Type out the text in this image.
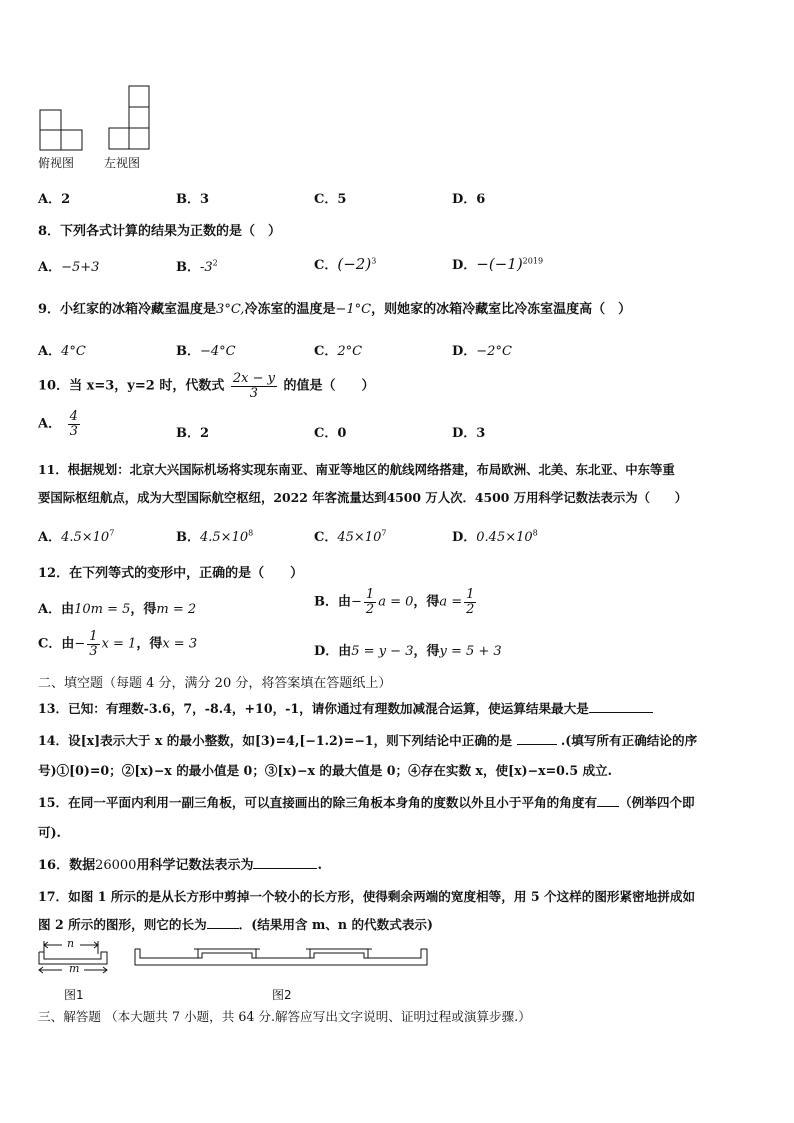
俯视图 左视图
A．2	B．3	C．5	D．6
8．下列各式计算的结果为正数的是（　）
A．−5+3	B．$-3^2$	C．$(-2)^3$	D．$-(-1)^{2019}$
9．小红家的冰箱冷藏室温度是3°C,冷冻室的温度是−1°C，则她家的冰箱冷藏室比冷冻室温度高（　）
A．4°C	B．−4°C	C．2°C	D．−2°C
10．当 x=3，y=2 时，代数式 $\frac{2x - y}{3}$ 的值是（　　）
A． $\frac{4}{3}$	B．2	C．0	D．3
11．根据规划：北京大兴国际机场将实现东南亚、南亚等地区的航线网络搭建，布局欧洲、北美、东北亚、中东等重
要国际枢纽航点，成为大型国际航空枢纽，2022 年客流量达到4500 万人次．4500 万用科学记数法表示为（　　）
A．$4.5\times 10^7$	B．$4.5\times 10^8$	C．$45\times 10^7$	D．$0.45\times 10^8$
12．在下列等式的变形中，正确的是（　　）
A．由10m = 5，得m = 2	B．由− $\frac{1}{2}$ a = 0，得$a = \frac{1}{2}$
C．由− $\frac{1}{3}$ x = 1，得x = 3	D．由5 = y − 3，得y = 5 + 3
二、填空题（每题 4 分，满分 20 分，将答案填在答题纸上）
13．已知：有理数-3.6，7，-8.4，+10，-1，请你通过有理数加减混合运算，使运算结果最大是
14．设[x]表示大于 x 的最小整数，如[3)=4,[−1.2)=−1，则下列结论中正确的是	.(填写所有正确结论的序
号)①[0)=0；②[x)−x 的最小值是 0；③[x)−x 的最大值是 0；④存在实数 x，使[x)−x=0.5 成立.
15．在同一平面内利用一副三角板，可以直接画出的除三角板本身角的度数以外且小于平角的角度有 （例举四个即
可).
16．数据26000用科学记数法表示为	.
17．如图 1 所示的是从长方形中剪掉一个较小的长方形，使得剩余两端的宽度相等，用 5 个这样的图形紧密地拼成如
图 2 所示的图形，则它的长为	．(结果用含 m、n 的代数式表示)
n
m
图1	图2
三、解答题 （本大题共 7 小题，共 64 分.解答应写出文字说明、证明过程或演算步骤.）
